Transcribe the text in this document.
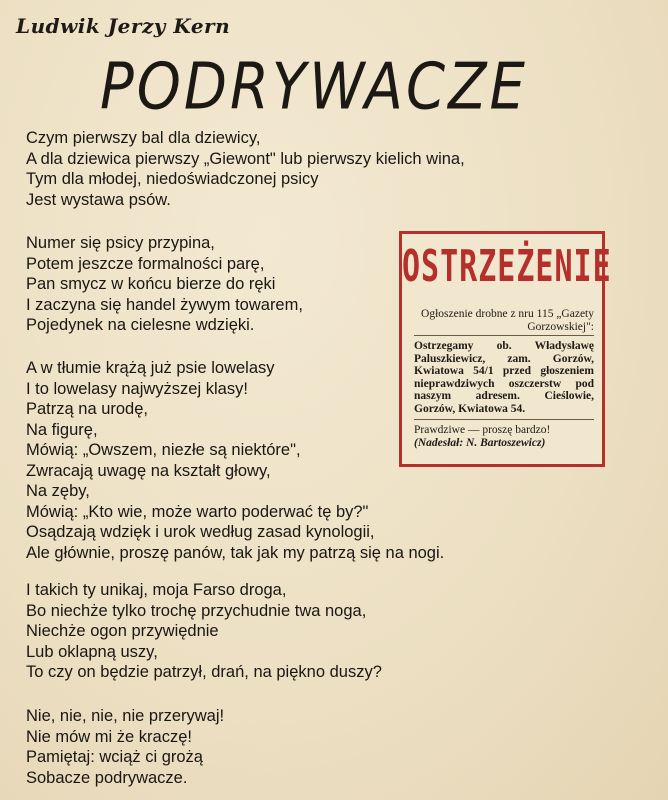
Ludwik Jerzy Kern
PODRYWACZE
Czym pierwszy bal dla dziewicy,
A dla dziewica pierwszy „Giewont" lub pierwszy kielich wina,
Tym dla młodej, niedoświadczonej psicy
Jest wystawa psów.
Numer się psicy przypina,
Potem jeszcze formalności parę,
Pan smycz w końcu bierze do ręki
I zaczyna się handel żywym towarem,
Pojedynek na cielesne wdzięki.
A w tłumie krążą już psie lowelasy
I to lowelasy najwyższej klasy!
Patrzą na urodę,
Na figurę,
Mówią: „Owszem, niezłe są niektóre",
Zwracają uwagę na kształt głowy,
Na zęby,
Mówią: „Kto wie, może warto poderwać tę by?"
Osądzają wdzięk i urok według zasad kynologii,
Ale głównie, proszę panów, tak jak my patrzą się na nogi.
I takich ty unikaj, moja Farso droga,
Bo niechże tylko trochę przychudnie twa noga,
Niechże ogon przywiędnie
Lub oklapną uszy,
To czy on będzie patrzył, drań, na piękno duszy?
Nie, nie, nie, nie przerywaj!
Nie mów mi że kraczę!
Pamiętaj: wciąż ci grożą
Sobacze podrywacze.
OSTRZEŻENIE

Ogłoszenie drobne z nru 115 „Gazety Gorzowskiej":

Ostrzegamy ob. Władysławę Paluszkiewicz, zam. Gorzów, Kwiatowa 54/1 przed głoszeniem nieprawdziwych oszczerstw pod naszym adresem. Cieślowie, Gorzów, Kwiatowa 54.

Prawdziwe — proszę bardzo!

(Nadesłał: N. Bartoszewicz)
